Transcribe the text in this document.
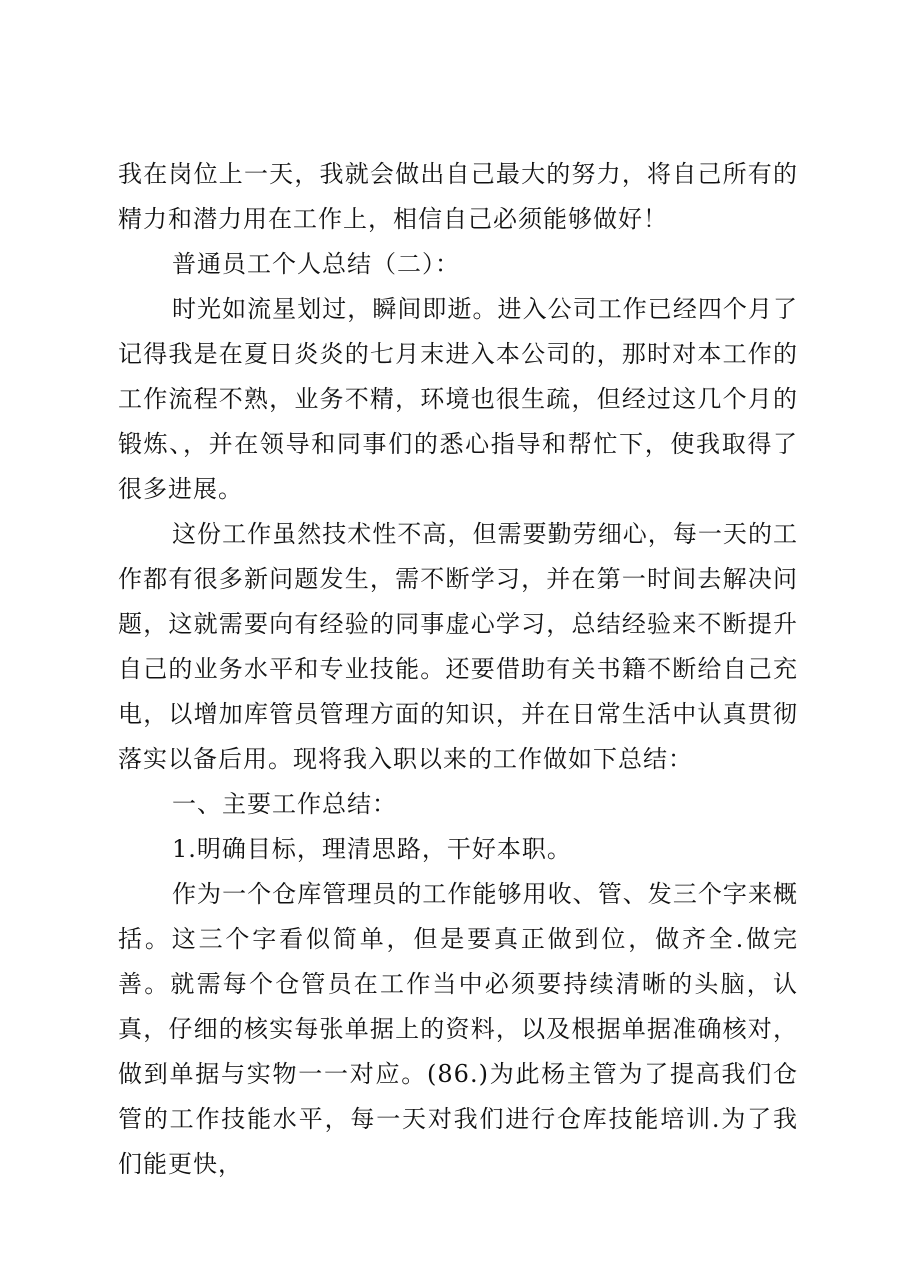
我在岗位上一天，我就会做出自己最大的努力，将自己所有的精力和潜力用在工作上，相信自己必须能够做好！

普通员工个人总结（二）：

时光如流星划过，瞬间即逝。进入公司工作已经四个月了记得我是在夏日炎炎的七月末进入本公司的，那时对本工作的工作流程不熟，业务不精，环境也很生疏，但经过这几个月的锻炼、，并在领导和同事们的悉心指导和帮忙下，使我取得了很多进展。

这份工作虽然技术性不高，但需要勤劳细心，每一天的工作都有很多新问题发生，需不断学习，并在第一时间去解决问题，这就需要向有经验的同事虚心学习，总结经验来不断提升自己的业务水平和专业技能。还要借助有关书籍不断给自己充电，以增加库管员管理方面的知识，并在日常生活中认真贯彻落实以备后用。现将我入职以来的工作做如下总结：

一、主要工作总结：

1.明确目标，理清思路，干好本职。

作为一个仓库管理员的工作能够用收、管、发三个字来概括。这三个字看似简单，但是要真正做到位，做齐全.做完善。就需每个仓管员在工作当中必须要持续清晰的头脑，认真，仔细的核实每张单据上的资料，以及根据单据准确核对，做到单据与实物一一对应。(86.)为此杨主管为了提高我们仓管的工作技能水平，每一天对我们进行仓库技能培训.为了我们能更快，
